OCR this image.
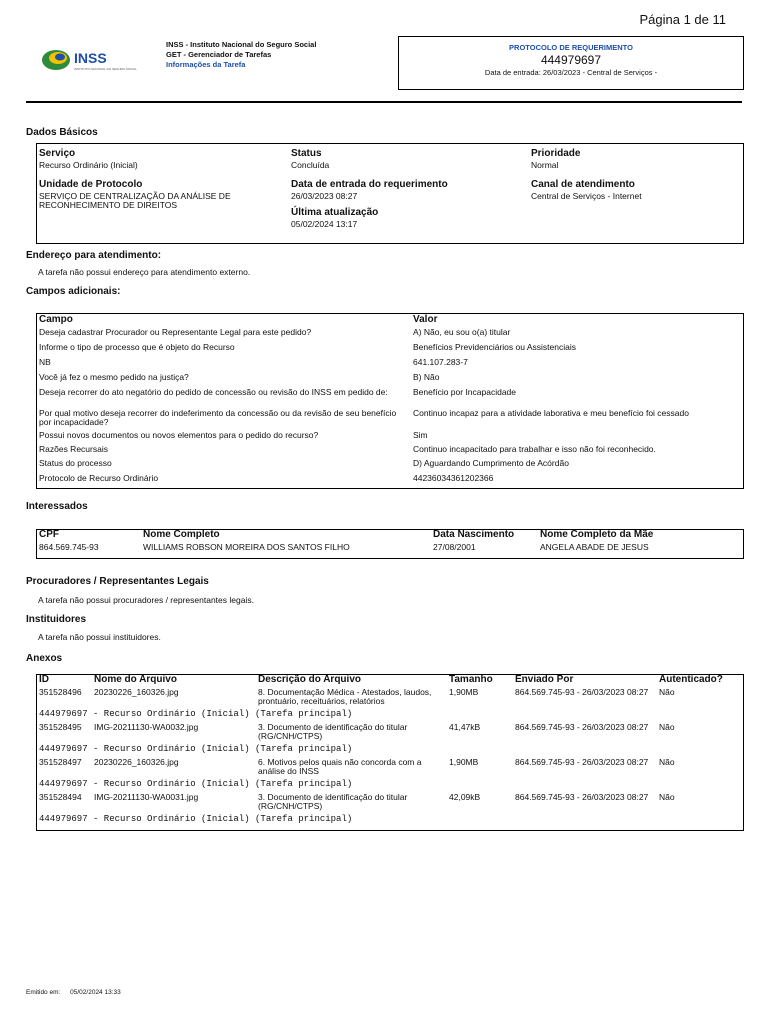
Página 1 de 11
INSS
INSTITUTO NACIONAL DO SEGURO SOCIAL
INSS - Instituto Nacional do Seguro Social
GET - Gerenciador de Tarefas
Informações da Tarefa
PROTOCOLO DE REQUERIMENTO
444979697
Data de entrada: 26/03/2023 - Central de Serviços -
Dados Básicos
Serviço
Recurso Ordinário (Inicial)
Status
Concluída
Prioridade
Normal
Unidade de Protocolo
SERVIÇO DE CENTRALIZAÇÃO DA ANÁLISE DE RECONHECIMENTO DE DIREITOS
Data de entrada do requerimento
26/03/2023 08:27
Canal de atendimento
Central de Serviços - Internet
Última atualização
05/02/2024 13:17
Endereço para atendimento:
A tarefa não possui endereço para atendimento externo.
Campos adicionais:
Campo	Valor
Deseja cadastrar Procurador ou Representante Legal para este pedido?	A) Não, eu sou o(a) titular
Informe o tipo de processo que é objeto do Recurso	Benefícios Previdenciários ou Assistenciais
NB	641.107.283-7
Você já fez o mesmo pedido na justiça?	B) Não
Deseja recorrer do ato negatório do pedido de concessão ou revisão do INSS em pedido de:	Benefício por Incapacidade
Por qual motivo deseja recorrer do indeferimento da concessão ou da revisão de seu benefício por incapacidade?	Continuo incapaz para a atividade laborativa e meu benefício foi cessado
Possui novos documentos ou novos elementos para o pedido do recurso?	Sim
Razões Recursais	Continuo incapacitado para trabalhar e isso não foi reconhecido.
Status do processo	D) Aguardando Cumprimento de Acórdão
Protocolo de Recurso Ordinário	44236034361202366
Interessados
CPF	Nome Completo	Data Nascimento	Nome Completo da Mãe
864.569.745-93	WILLIAMS ROBSON MOREIRA DOS SANTOS FILHO	27/08/2001	ANGELA ABADE DE JESUS
Procuradores / Representantes Legais
A tarefa não possui procuradores / representantes legais.
Instituidores
A tarefa não possui instituidores.
Anexos
ID	Nome do Arquivo	Descrição do Arquivo	Tamanho	Enviado Por	Autenticado?
351528496	20230226_160326.jpg	8. Documentação Médica - Atestados, laudos, prontuário, receituários, relatórios	1,90MB	864.569.745-93 - 26/03/2023 08:27	Não
444979697 - Recurso Ordinário (Inicial) (Tarefa principal)					
351528495	IMG-20211130-WA0032.jpg	3. Documento de identificação do titular (RG/CNH/CTPS)	41,47kB	864.569.745-93 - 26/03/2023 08:27	Não
444979697 - Recurso Ordinário (Inicial) (Tarefa principal)					
351528497	20230226_160326.jpg	6. Motivos pelos quais não concorda com a análise do INSS	1,90MB	864.569.745-93 - 26/03/2023 08:27	Não
444979697 - Recurso Ordinário (Inicial) (Tarefa principal)					
351528494	IMG-20211130-WA0031.jpg	3. Documento de identificação do titular (RG/CNH/CTPS)	42,09kB	864.569.745-93 - 26/03/2023 08:27	Não
444979697 - Recurso Ordinário (Inicial) (Tarefa principal)					
Emitido em: 05/02/2024 13:33
